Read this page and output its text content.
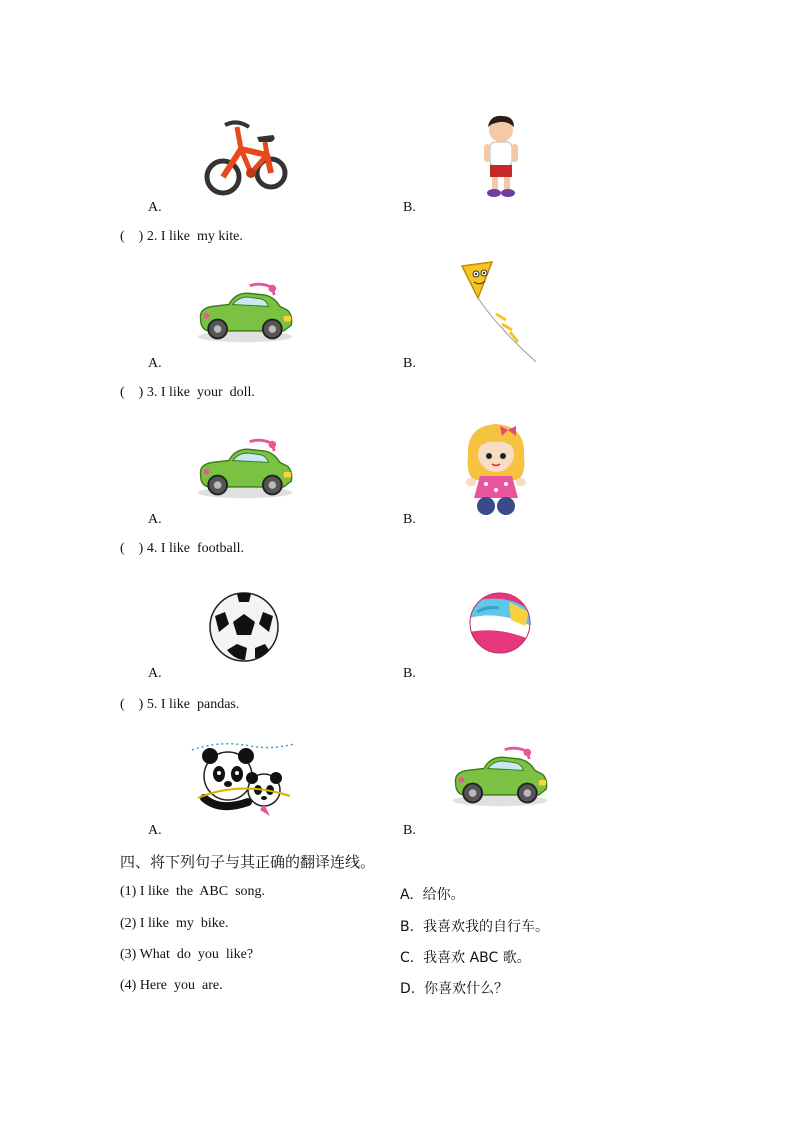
A.	B.
(    ) 2. I like  my kite.
A.	B.
(    ) 3. I like  your  doll.
A.	B.
(    ) 4. I like  football.
A.	B.
(    ) 5. I like  pandas.
A.	B.
四、将下列句子与其正确的翻译连线。
(1) I like  the  ABC  song.	A.  给你。
(2) I like  my  bike.	B.  我喜欢我的自行车。
(3) What  do  you  like?	C.  我喜欢 ABC 歌。
(4) Here  you  are.	D.  你喜欢什么？
